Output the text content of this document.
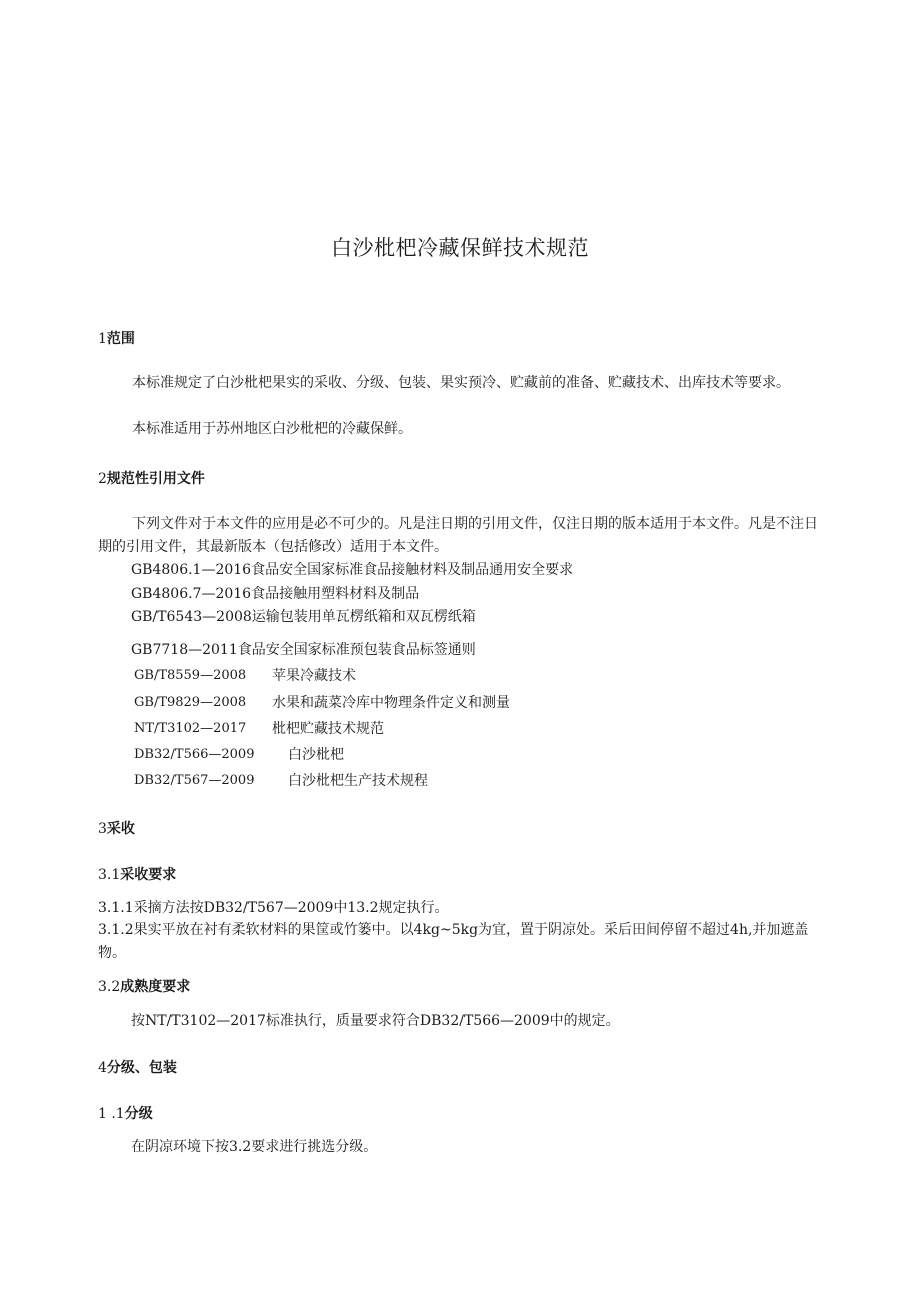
白沙枇杷冷藏保鲜技术规范
1范围
本标准规定了白沙枇杷果实的采收、分级、包装、果实预冷、贮藏前的准备、贮藏技术、出库技术等要求。
本标准适用于苏州地区白沙枇杷的冷藏保鲜。
2规范性引用文件
下列文件对于本文件的应用是必不可少的。凡是注日期的引用文件，仅注日期的版本适用于本文件。凡是不注日期的引用文件，其最新版本（包括修改）适用于本文件。
GB4806.1—2016食品安全国家标准食品接触材料及制品通用安全要求
GB4806.7—2016食品接触用塑料材料及制品
GB/T6543—2008运输包装用单瓦楞纸箱和双瓦楞纸箱
GB7718—2011食品安全国家标准预包装食品标签通则
GB/T8559—2008 苹果冷藏技术
GB/T9829—2008 水果和蔬菜冷库中物理条件定义和测量
NT/T3102—2017 枇杷贮藏技术规范
DB32/T566—2009 白沙枇杷
DB32/T567—2009 白沙枇杷生产技术规程
3采收
3.1采收要求
3.1.1采摘方法按DB32/T567—2009中13.2规定执行。
3.1.2果实平放在衬有柔软材料的果筐或竹篓中。以4kg~5kg为宜，置于阴凉处。采后田间停留不超过4h,并加遮盖物。
3.2成熟度要求
按NT/T3102—2017标准执行，质量要求符合DB32/T566—2009中的规定。
4分级、包装
1 .1分级
在阴凉环境下按3.2要求进行挑选分级。
